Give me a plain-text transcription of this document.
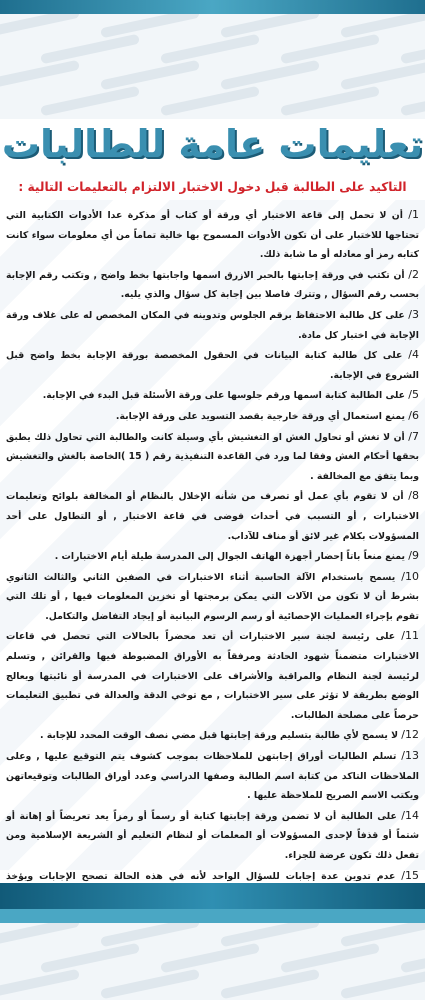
تعليمات عامة للطالبات
التاكيد على الطالبة قبل دخول الاختبار الالتزام بالتعليمات التالية :
1/ أن لا تحمل إلى قاعة الاختبار أي ورقة أو كتاب أو مذكرة عدا الأدوات الكتابية التي تحتاجها للاختبار على أن تكون الأدوات المسموح بها خالية تماماً من أي معلومات سواء كانت كتابه رمز أو معادله أو ما شابة ذلك.
2/ أن تكتب في ورقة إجابتها بالحبر الازرق اسمها واجابتها بخط واضح , وتكتب رقم الإجابة بحسب رقم السؤال , وتترك فاصلا بين إجابة كل سؤال والذي يليه.
3/ على كل طالبة الاحتفاظ برقم الجلوس وتدوينه في المكان المخصص له على غلاف ورقة الإجابة في اختبار كل مادة.
4/ على كل طالبة كتابة البيانات في الحقول المخصصة بورقة الإجابة بخط واضح قبل الشروع في الإجابة.
5/ على الطالبة كتابة اسمها ورقم جلوسها على ورقة الأسئلة قبل البدء في الإجابة.
6/ يمنع استعمال أي ورقة خارجية بقصد التسويد على ورقة الإجابة.
7/ أن لا تغش أو تحاول الغش او التغشيش بأي وسيلة كانت والطالبة التي تحاول ذلك يطبق بحقها أحكام الغش وفقا لما ورد في القاعدة التنفيذية رقم ( 15 )الخاصة بالغش والتغشيش وبما يتفق مع المخالفة .
8/ أن لا تقوم بأي عمل أو تصرف من شأنه الإخلال بالنظام أو المخالفة بلوائح وتعليمات الاختبارات , أو التسبب في أحداث فوضى في قاعة الاختبار , أو التطاول على أحد المسؤولات بكلام غير لائق أو مناف للآداب.
9/ يمنع منعاً باتاً إحضار أجهزة الهاتف الجوال إلى المدرسة طيلة أيام الاختبارات .
10/ يسمح باستخدام الآلة الحاسبة أثناء الاختبارات في الصفين الثاني والثالث الثانوي بشرط أن لا تكون من الآلات التي يمكن برمجتها أو تخزين المعلومات فيها , أو تلك التي تقوم بإجراء العمليات الإحصائية أو رسم الرسوم البيانية أو إيجاد التفاضل والتكامل.
11/ على رئيسة لجنة سير الاختبارات أن تعد محضراً بالحالات التي تحصل في قاعات الاختبارات متضمناً شهود الحادثة ومرفقاً به الأوراق المضبوطة فيها والقرائن , وتسلم لرئيسة لجنة النظام والمراقبة والأشراف على الاختبارات في المدرسة أو نائبتها ويعالج الوضع بطريقة لا تؤثر على سير الاختبارات , مع توخي الدقة والعدالة في تطبيق التعليمات حرصاً على مصلحة الطالبات.
12/ لا يسمح لأي طالبة بتسليم ورقة إجابتها قبل مضي نصف الوقت المحدد للإجابة .
13/ تسلم الطالبات أوراق إجابتهن للملاحظات بموجب كشوف يتم التوقيع عليها , وعلى الملاحظات التاكد من كتابة اسم الطالبة وصفها الدراسي وعدد أوراق الطالبات وتوقيعاتهن ويكتب الاسم الصريح للملاحظة عليها .
14/ على الطالبة أن لا تضمن ورقة إجابتها كتابة أو رسماً أو رمزاً يعد تعريضاً أو إهانة أو شتماً أو قذفاً لإحدى المسؤولات أو المعلمات أو لنظام التعليم أو الشريعة الإسلامية ومن تفعل ذلك تكون عرضة للجزاء.
15/ عدم تدوين عدة إجابات للسؤال الواحد لأنه في هذه الحالة تصحح الإجابات ويؤخذ
